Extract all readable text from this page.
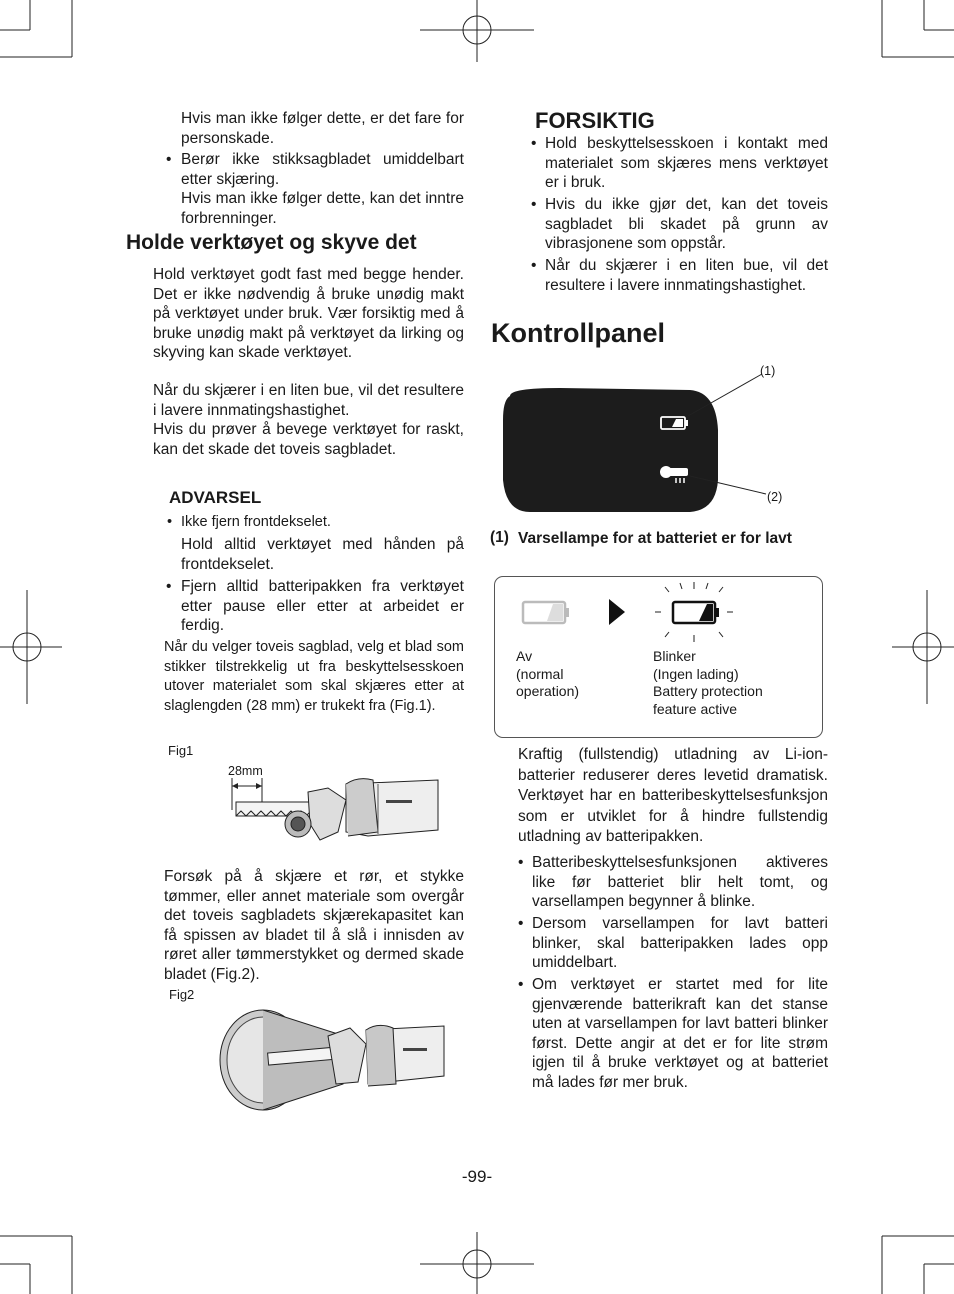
Hvis man ikke følger dette, er det fare for personskade.

• Berør ikke stikksagbladet umiddelbart etter skjæring.

Hvis man ikke følger dette, kan det inntre forbrenninger.

Holde verktøyet og skyve det

Hold verktøyet godt fast med begge hender. Det er ikke nødvendig å bruke unødig makt på verktøyet under bruk. Vær forsiktig med å bruke unødig makt på verktøyet da lirking og skyving kan skade verktøyet.

Når du skjærer i en liten bue, vil det resultere i lavere innmatingshastighet.

Hvis du prøver å bevege verktøyet for raskt, kan det skade det toveis sagbladet.

ADVARSEL
• Ikke fjern frontdekselet.

Hold alltid verktøyet med hånden på frontdekselet.

• Fjern alltid batteripakken fra verktøyet etter pause eller etter at arbeidet er ferdig.

Når du velger toveis sagblad, velg et blad som stikker tilstrekkelig ut fra beskyttelsesskoen utover materialet som skal skjæres etter at slaglengden (28 mm) er trukekt fra (Fig.1).

Fig1
28mm

Forsøk på å skjære et rør, et stykke tømmer, eller annet materiale som overgår det toveis sagbladets skjærekapasitet kan få spissen av bladet til å slå i innisden av røret aller tømmerstykket og dermed skade bladet (Fig.2).

Fig2
FORSIKTIG
• Hold beskyttelsesskoen i kontakt med materialet som skjæres mens verktøyet er i bruk.

• Hvis du ikke gjør det, kan det toveis sagbladet bli skadet på grunn av vibrasjonene som oppstår.

• Når du skjærer i en liten bue, vil det resultere i lavere innmatingshastighet.

Kontrollpanel
(1)
(2)
(1) Varsellampe for at batteriet er for lavt
Av
(normal
operation)
Blinker
(Ingen lading)
Battery protection
feature active

Kraftig (fullstendig) utladning av Li-ion-batterier reduserer deres levetid dramatisk. Verktøyet har en batteribeskyttelsesfunksjon som er utviklet for å hindre fullstendig utladning av batteripakken.

• Batteribeskyttelsesfunksjonen aktiveres like før batteriet blir helt tomt, og varsellampen begynner å blinke.

• Dersom varsellampen for lavt batteri blinker, skal batteripakken lades opp umiddelbart.

• Om verktøyet er startet med for lite gjenværende batterikraft kan det stanse uten at varsellampen for lavt batteri blinker først. Dette angir at det er for lite strøm igjen til å bruke verktøyet og at batteriet må lades før mer bruk.

-99-
